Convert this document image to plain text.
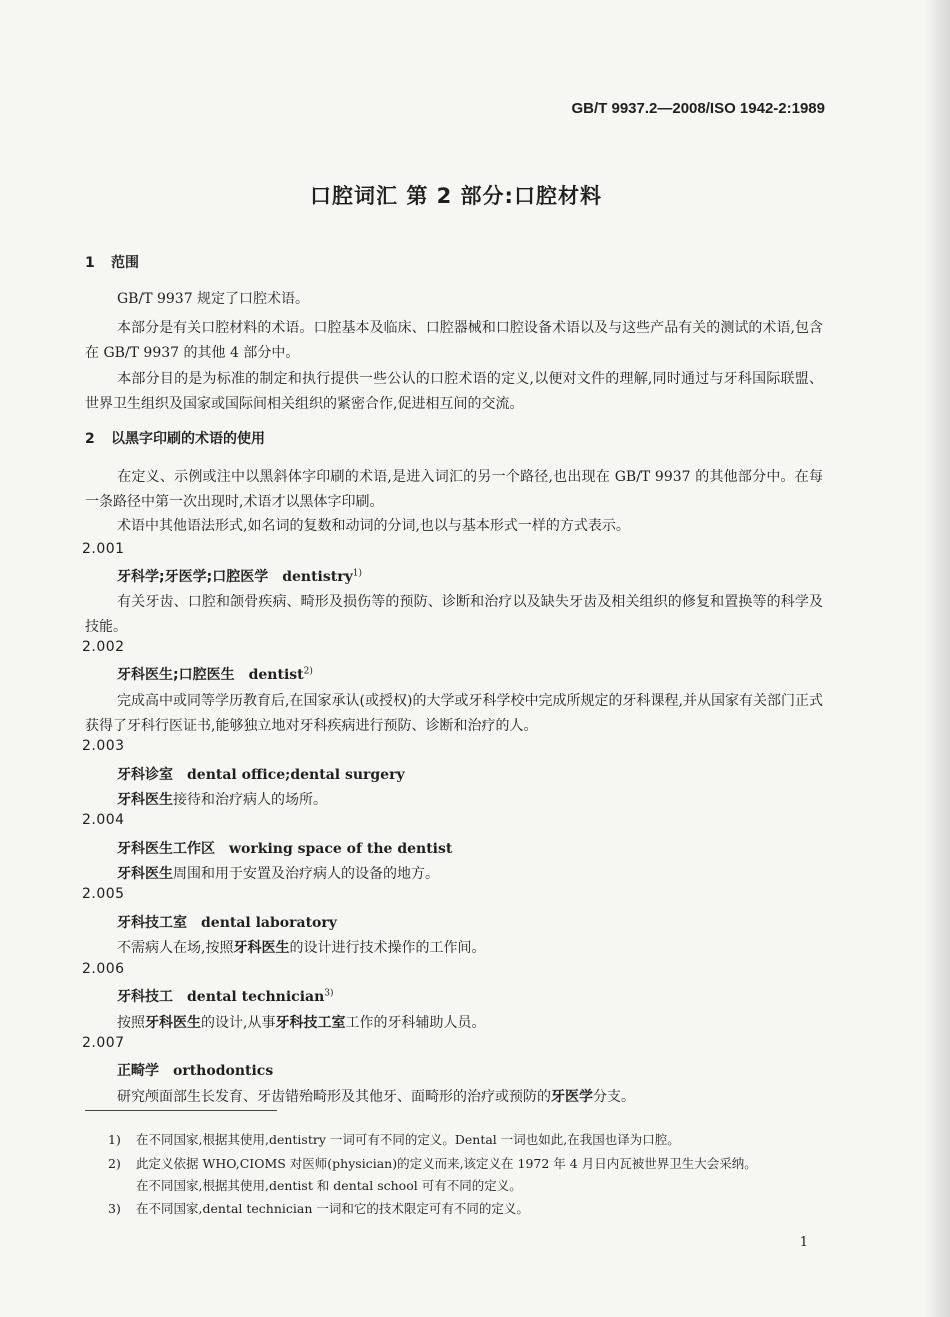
GB/T 9937.2—2008/ISO 1942-2:1989
口腔词汇 第 2 部分:口腔材料
1 范围
GB/T 9937 规定了口腔术语。
本部分是有关口腔材料的术语。口腔基本及临床、口腔器械和口腔设备术语以及与这些产品有关的测试的术语,包含在 GB/T 9937 的其他 4 部分中。
本部分目的是为标准的制定和执行提供一些公认的口腔术语的定义,以便对文件的理解,同时通过与牙科国际联盟、世界卫生组织及国家或国际间相关组织的紧密合作,促进相互间的交流。
2 以黑字印刷的术语的使用
在定义、示例或注中以黑斜体字印刷的术语,是进入词汇的另一个路径,也出现在 GB/T 9937 的其他部分中。在每一条路径中第一次出现时,术语才以黑体字印刷。
术语中其他语法形式,如名词的复数和动词的分词,也以与基本形式一样的方式表示。
2.001
牙科学;牙医学;口腔医学 dentistry$^{1)}$
有关牙齿、口腔和颌骨疾病、畸形及损伤等的预防、诊断和治疗以及缺失牙齿及相关组织的修复和置换等的科学及技能。
2.002
牙科医生;口腔医生 dentist$^{2)}$
完成高中或同等学历教育后,在国家承认(或授权)的大学或牙科学校中完成所规定的牙科课程,并从国家有关部门正式获得了牙科行医证书,能够独立地对牙科疾病进行预防、诊断和治疗的人。
2.003
牙科诊室 dental office;dental surgery
牙科医生接待和治疗病人的场所。
2.004
牙科医生工作区 working space of the dentist
牙科医生周围和用于安置及治疗病人的设备的地方。
2.005
牙科技工室 dental laboratory
不需病人在场,按照牙科医生的设计进行技术操作的工作间。
2.006
牙科技工 dental technician$^{3)}$
按照牙科医生的设计,从事牙科技工室工作的牙科辅助人员。
2.007
正畸学 orthodontics
研究颅面部生长发育、牙齿错殆畸形及其他牙、面畸形的治疗或预防的牙医学分支。
1) 在不同国家,根据其使用,dentistry 一词可有不同的定义。Dental 一词也如此,在我国也译为口腔。
2) 此定义依据 WHO,CIOMS 对医师(physician)的定义而来,该定义在 1972 年 4 月日内瓦被世界卫生大会采纳。
在不同国家,根据其使用,dentist 和 dental school 可有不同的定义。
3) 在不同国家,dental technician 一词和它的技术限定可有不同的定义。
1
